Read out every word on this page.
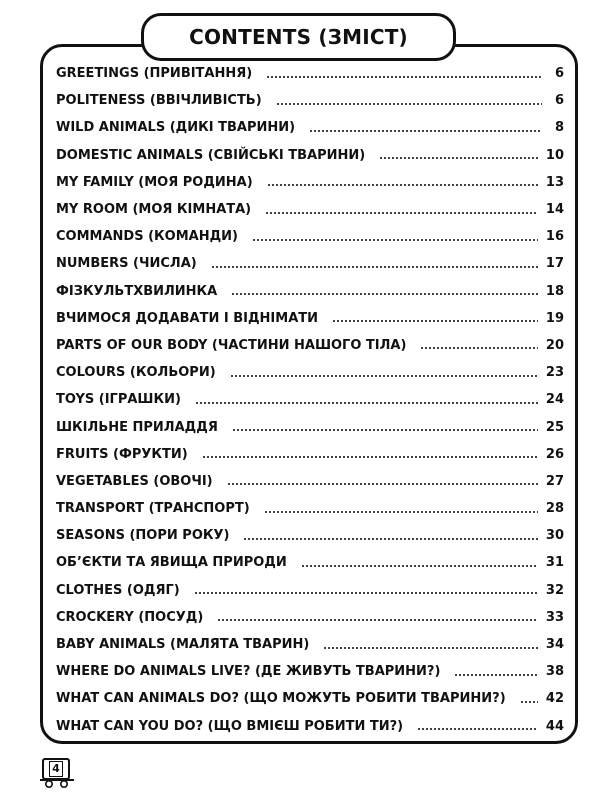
CONTENTS (ЗМІСТ)
GREETINGS (ПРИВІТАННЯ)	6
POLITENESS (ВВІЧЛИВІСТЬ)	6
WILD ANIMALS (ДИКІ ТВАРИНИ)	8
DOMESTIC ANIMALS (СВІЙСЬКІ ТВАРИНИ)	10
MY FAMILY (МОЯ РОДИНА)	13
MY ROOM (МОЯ КІМНАТА)	14
COMMANDS (КОМАНДИ)	16
NUMBERS (ЧИСЛА)	17
ФІЗКУЛЬТХВИЛИНКА	18
ВЧИМОСЯ ДОДАВАТИ І ВІДНІМАТИ	19
PARTS OF OUR BODY (ЧАСТИНИ НАШОГО ТІЛА)	20
COLOURS (КОЛЬОРИ)	23
TOYS (ІГРАШКИ)	24
ШКІЛЬНЕ ПРИЛАДДЯ	25
FRUITS (ФРУКТИ)	26
VEGETABLES (ОВОЧІ)	27
TRANSPORT (ТРАНСПОРТ)	28
SEASONS (ПОРИ РОКУ)	30
ОБ’ЄКТИ ТА ЯВИЩА ПРИРОДИ	31
CLOTHES (ОДЯГ)	32
CROCKERY (ПОСУД)	33
BABY ANIMALS (МАЛЯТА ТВАРИН)	34
WHERE DO ANIMALS LIVE? (ДЕ ЖИВУТЬ ТВАРИНИ?)	38
WHAT CAN ANIMALS DO? (ЩО МОЖУТЬ РОБИТИ ТВАРИНИ?)	42
WHAT CAN YOU DO? (ЩО ВМІЄШ РОБИТИ ТИ?)	44
4
